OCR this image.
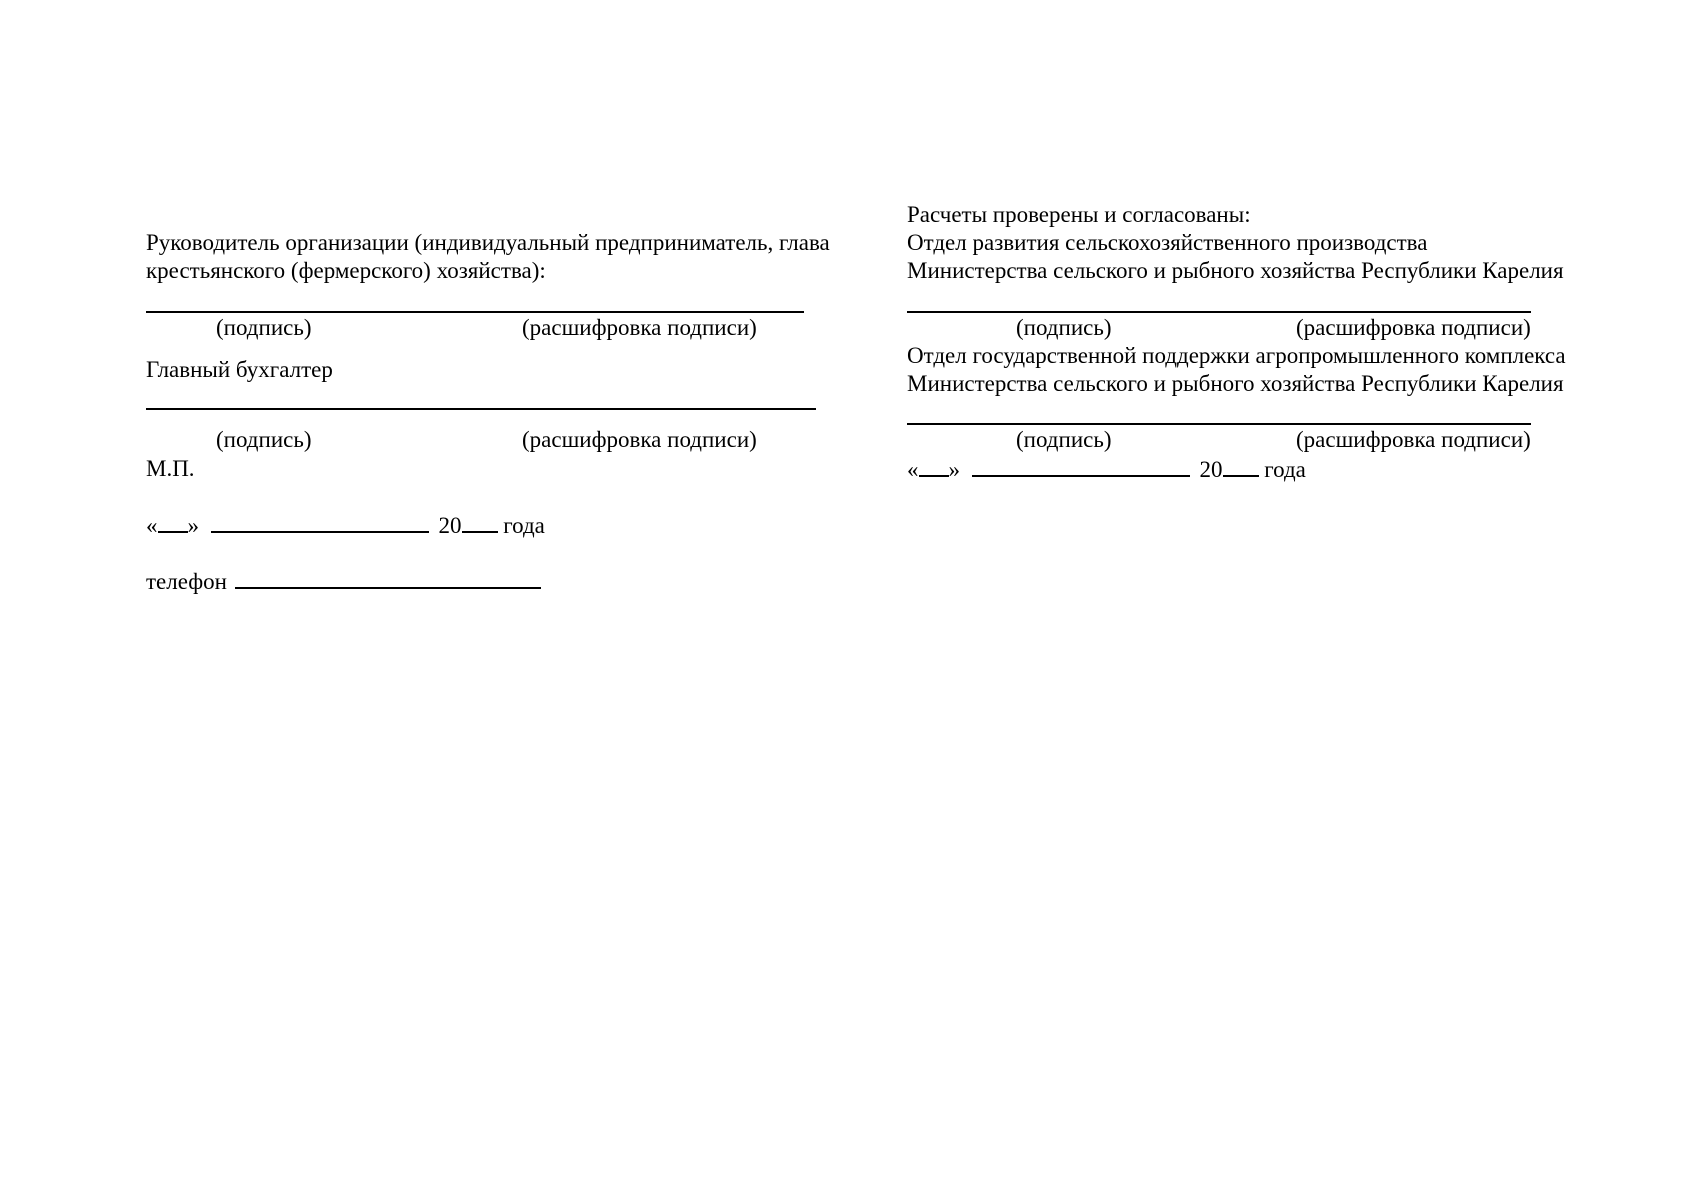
Руководитель организации (индивидуальный предприниматель, глава
крестьянского (фермерского) хозяйства):
(подпись)	(расшифровка подписи)
Главный бухгалтер
(подпись)	(расшифровка подписи)
М.П.
« »	20 года
телефон
Расчеты проверены и согласованы:
Отдел развития сельскохозяйственного производства
Министерства сельского и рыбного хозяйства Республики Карелия
(подпись)	(расшифровка подписи)
Отдел государственной поддержки агропромышленного комплекса
Министерства сельского и рыбного хозяйства Республики Карелия
(подпись)	(расшифровка подписи)
« »	20 года
